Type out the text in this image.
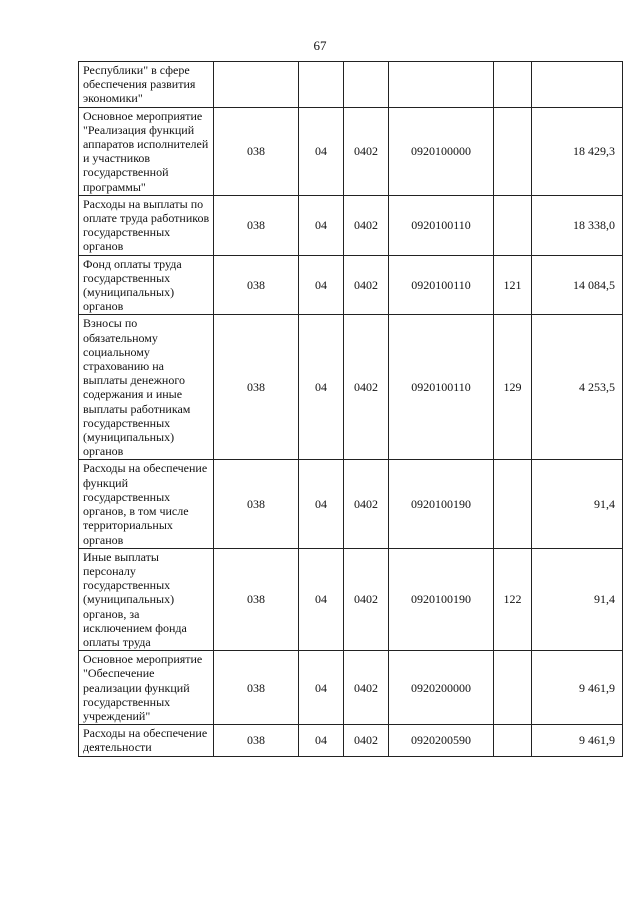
67
Республики" в сфере обеспечения развития экономики"						
Основное мероприятие "Реализация функций аппаратов исполнителей и участников государственной программы"	038	04	0402	0920100000		18 429,3
Расходы на выплаты по оплате труда работников государственных органов	038	04	0402	0920100110		18 338,0
Фонд оплаты труда государственных (муниципальных) органов	038	04	0402	0920100110	121	14 084,5
Взносы по обязательному социальному страхованию на выплаты денежного содержания и иные выплаты работникам государственных (муниципальных) органов	038	04	0402	0920100110	129	4 253,5
Расходы на обеспечение функций государственных органов, в том числе территориальных органов	038	04	0402	0920100190		91,4
Иные выплаты персоналу государственных (муниципальных) органов, за исключением фонда оплаты труда	038	04	0402	0920100190	122	91,4
Основное мероприятие "Обеспечение реализации функций государственных учреждений"	038	04	0402	0920200000		9 461,9
Расходы на обеспечение деятельности	038	04	0402	0920200590		9 461,9
